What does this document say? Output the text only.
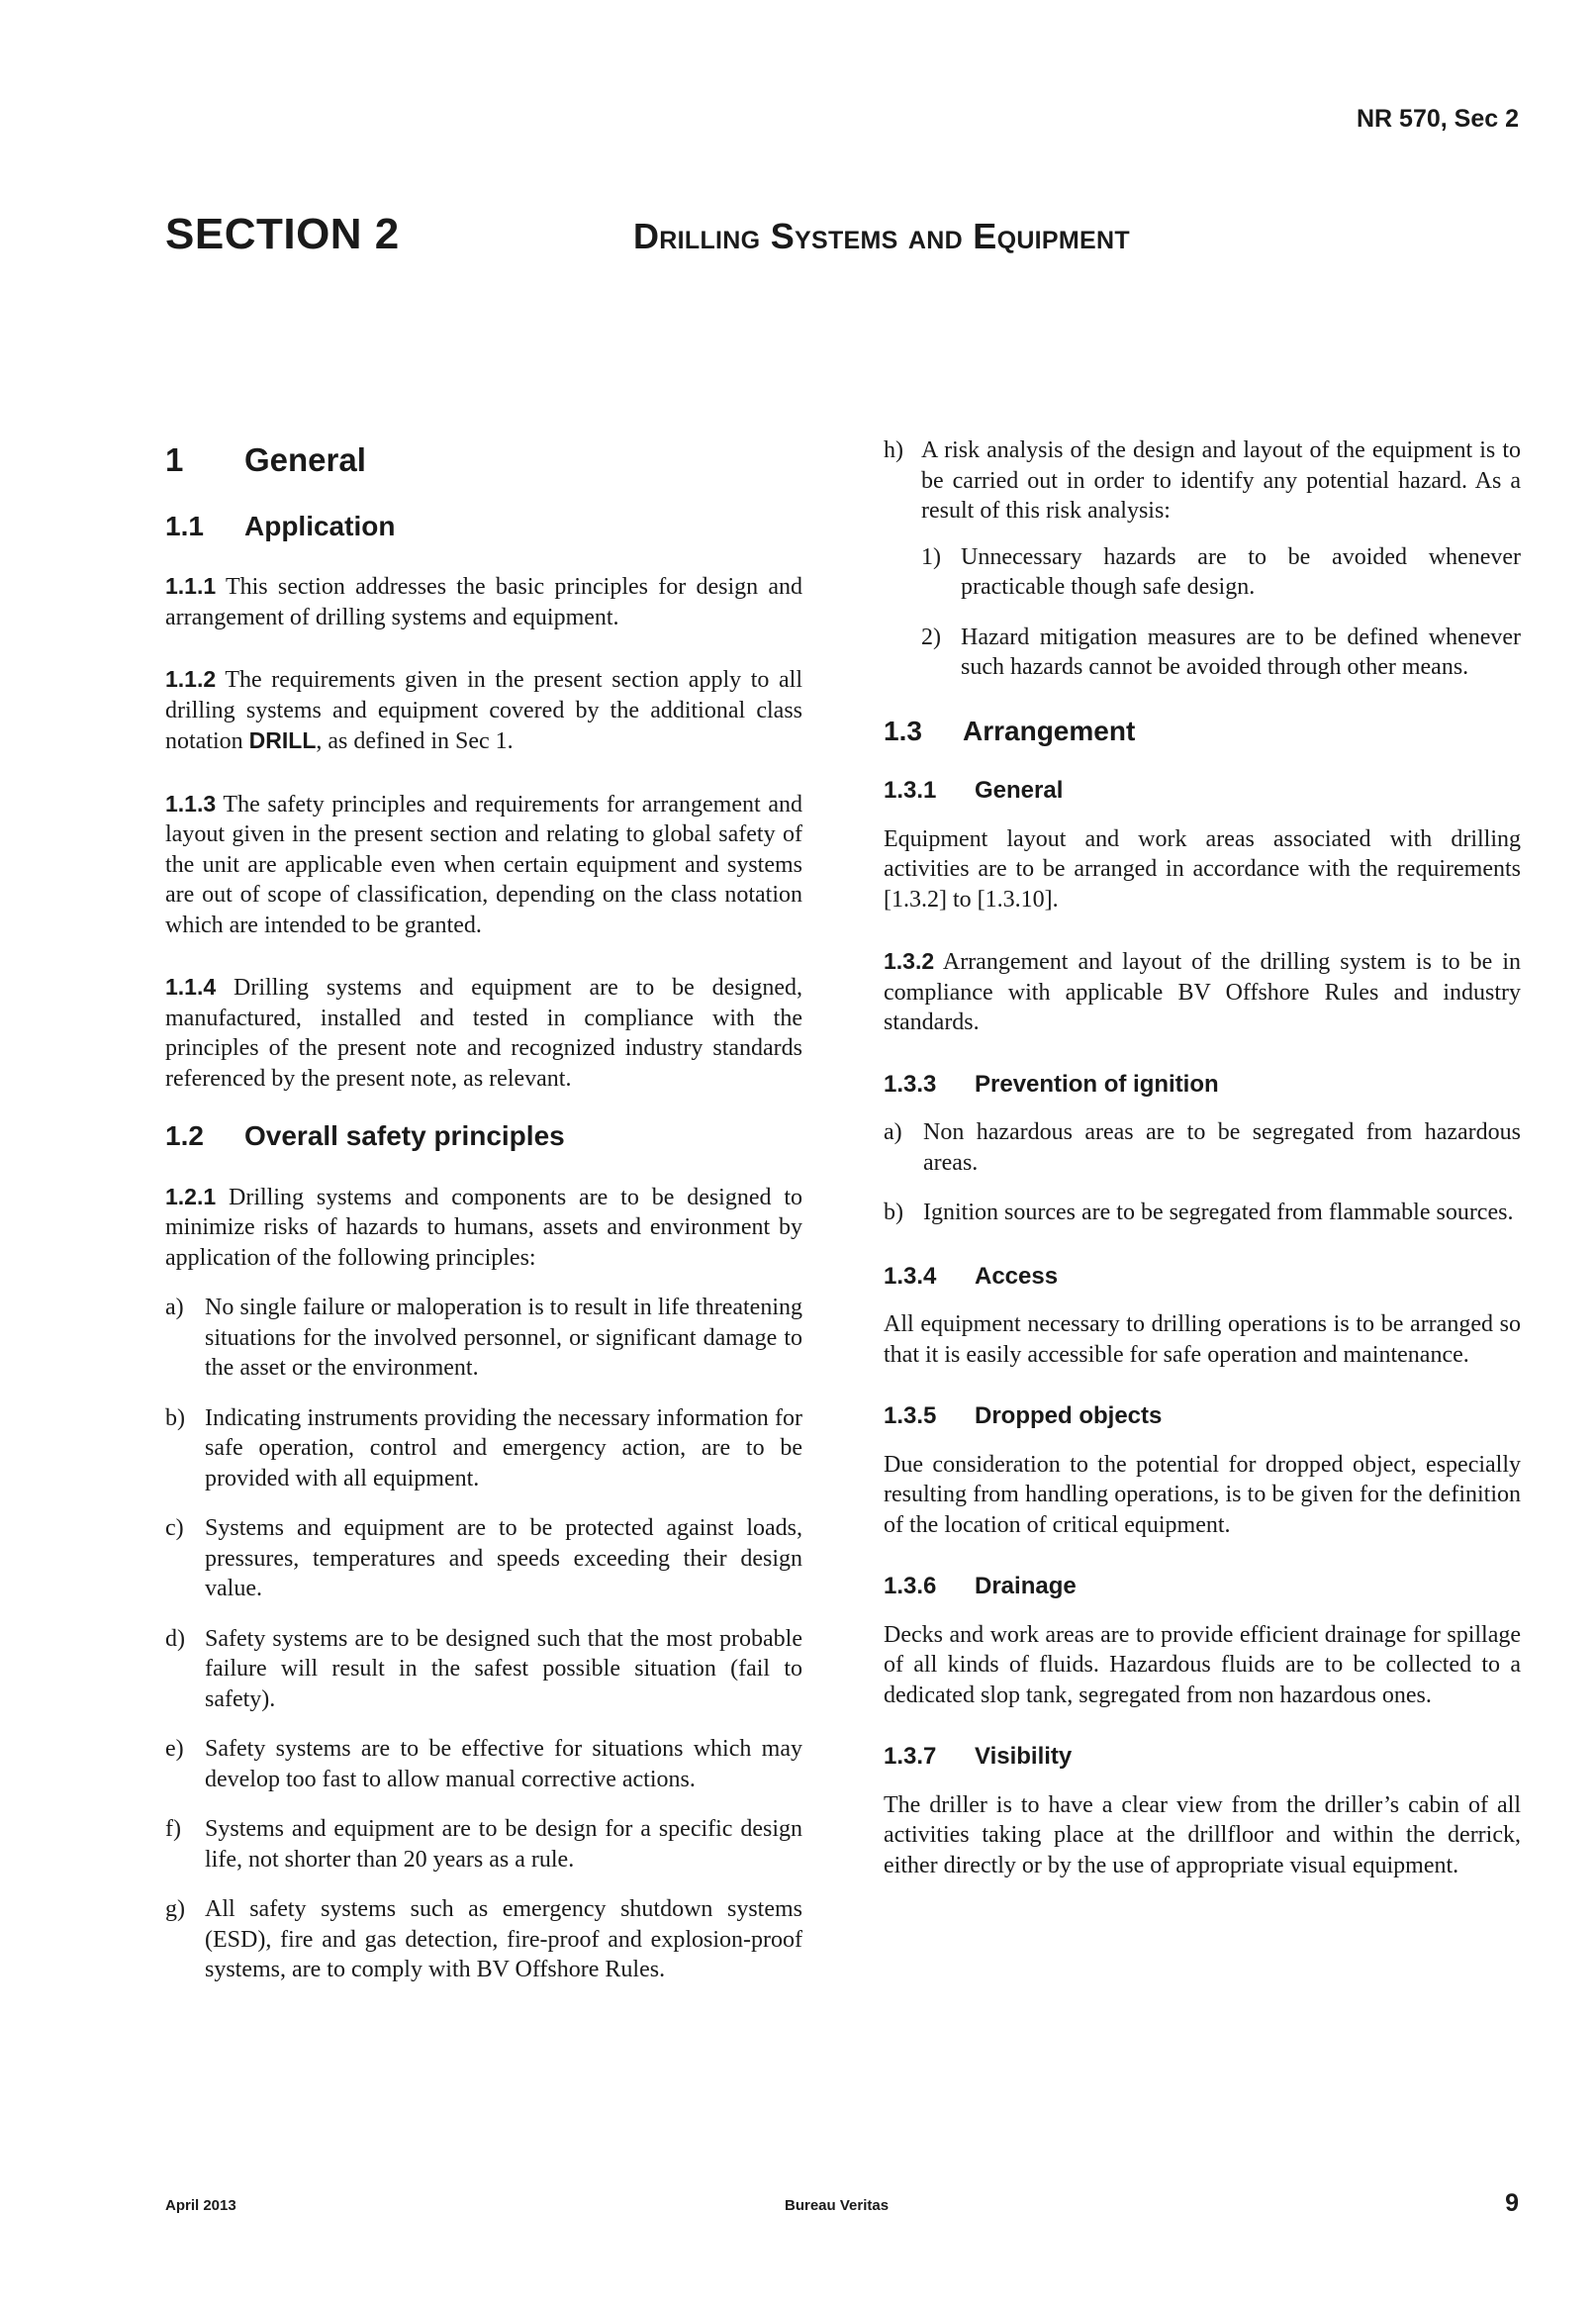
NR 570, Sec 2
SECTION 2	Drilling Systems and Equipment
1 General
1.1 Application

1.1.1 This section addresses the basic principles for design and arrangement of drilling systems and equipment.

1.1.2 The requirements given in the present section apply to all drilling systems and equipment covered by the additional class notation DRILL, as defined in Sec 1.

1.1.3 The safety principles and requirements for arrangement and layout given in the present section and relating to global safety of the unit are applicable even when certain equipment and systems are out of scope of classification, depending on the class notation which are intended to be granted.

1.1.4 Drilling systems and equipment are to be designed, manufactured, installed and tested in compliance with the principles of the present note and recognized industry standards referenced by the present note, as relevant.

1.2 Overall safety principles

1.2.1 Drilling systems and components are to be designed to minimize risks of hazards to humans, assets and environment by application of the following principles:

a) No single failure or maloperation is to result in life threatening situations for the involved personnel, or significant damage to the asset or the environment.
b) Indicating instruments providing the necessary information for safe operation, control and emergency action, are to be provided with all equipment.
c) Systems and equipment are to be protected against loads, pressures, temperatures and speeds exceeding their design value.
d) Safety systems are to be designed such that the most probable failure will result in the safest possible situation (fail to safety).
e) Safety systems are to be effective for situations which may develop too fast to allow manual corrective actions.
f) Systems and equipment are to be design for a specific design life, not shorter than 20 years as a rule.
g) All safety systems such as emergency shutdown systems (ESD), fire and gas detection, fire-proof and explosion-proof systems, are to comply with BV Offshore Rules.
h) A risk analysis of the design and layout of the equipment is to be carried out in order to identify any potential hazard. As a result of this risk analysis:
1) Unnecessary hazards are to be avoided whenever practicable though safe design.
2) Hazard mitigation measures are to be defined whenever such hazards cannot be avoided through other means.
1.3 Arrangement
1.3.1 General

Equipment layout and work areas associated with drilling activities are to be arranged in accordance with the requirements [1.3.2] to [1.3.10].

1.3.2 Arrangement and layout of the drilling system is to be in compliance with applicable BV Offshore Rules and industry standards.

1.3.3 Prevention of ignition
a) Non hazardous areas are to be segregated from hazardous areas.
b) Ignition sources are to be segregated from flammable sources.
1.3.4 Access

All equipment necessary to drilling operations is to be arranged so that it is easily accessible for safe operation and maintenance.

1.3.5 Dropped objects

Due consideration to the potential for dropped object, especially resulting from handling operations, is to be given for the definition of the location of critical equipment.

1.3.6 Drainage

Decks and work areas are to provide efficient drainage for spillage of all kinds of fluids. Hazardous fluids are to be collected to a dedicated slop tank, segregated from non hazardous ones.

1.3.7 Visibility

The driller is to have a clear view from the driller’s cabin of all activities taking place at the drillfloor and within the derrick, either directly or by the use of appropriate visual equipment.

April 2013	Bureau Veritas	9
